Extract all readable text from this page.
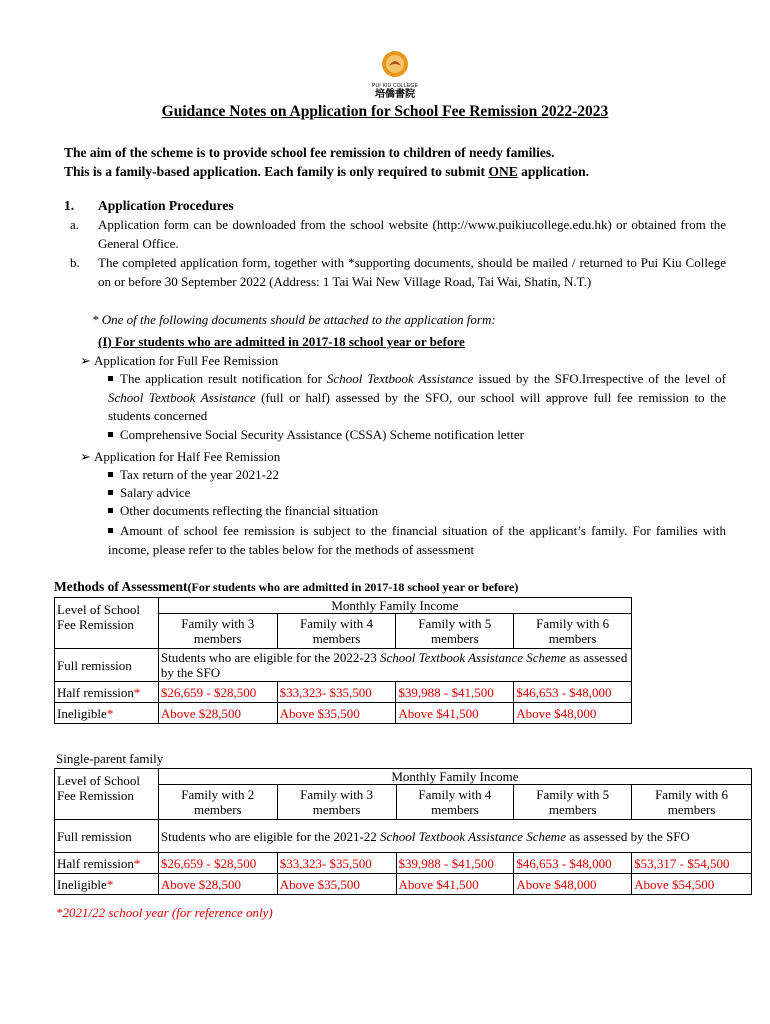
PUI KIU COLLEGE
培僑書院
Guidance Notes on Application for School Fee Remission 2022-2023
The aim of the scheme is to provide school fee remission to children of needy families.
This is a family-based application. Each family is only required to submit ONE application.
1. Application Procedures
a. Application form can be downloaded from the school website (http://www.puikiucollege.edu.hk) or obtained from the General Office.
b. The completed application form, together with *supporting documents, should be mailed / returned to Pui Kiu College on or before 30 September 2022 (Address: 1 Tai Wai New Village Road, Tai Wai, Shatin, N.T.)
* One of the following documents should be attached to the application form:
(I) For students who are admitted in 2017-18 school year or before
➢ Application for Full Fee Remission
The application result notification for School Textbook Assistance issued by the SFO.Irrespective of the level of School Textbook Assistance (full or half) assessed by the SFO, our school will approve full fee remission to the students concerned
Comprehensive Social Security Assistance (CSSA) Scheme notification letter
➢ Application for Half Fee Remission
Tax return of the year 2021-22
Salary advice
Other documents reflecting the financial situation
Amount of school fee remission is subject to the financial situation of the applicant’s family. For families with income, please refer to the tables below for the methods of assessment
Methods of Assessment(For students who are admitted in 2017-18 school year or before)
Level of School Fee Remission	Monthly Family Income			
	Family with 3 members	Family with 4 members	Family with 5 members	Family with 6 members
Full remission	Students who are eligible for the 2022-23 School Textbook Assistance Scheme as assessed by the SFO			
Half remission*	$26,659 - $28,500	$33,323- $35,500	$39,988 - $41,500	$46,653 - $48,000
Ineligible*	Above $28,500	Above $35,500	Above $41,500	Above $48,000
Single-parent family
Level of School Fee Remission	Monthly Family Income				
	Family with 2 members	Family with 3 members	Family with 4 members	Family with 5 members	Family with 6 members
Full remission	Students who are eligible for the 2021-22 School Textbook Assistance Scheme as assessed by the SFO				
Half remission*	$26,659 - $28,500	$33,323- $35,500	$39,988 - $41,500	$46,653 - $48,000	$53,317 - $54,500
Ineligible*	Above $28,500	Above $35,500	Above $41,500	Above $48,000	Above $54,500
*2021/22 school year (for reference only)
